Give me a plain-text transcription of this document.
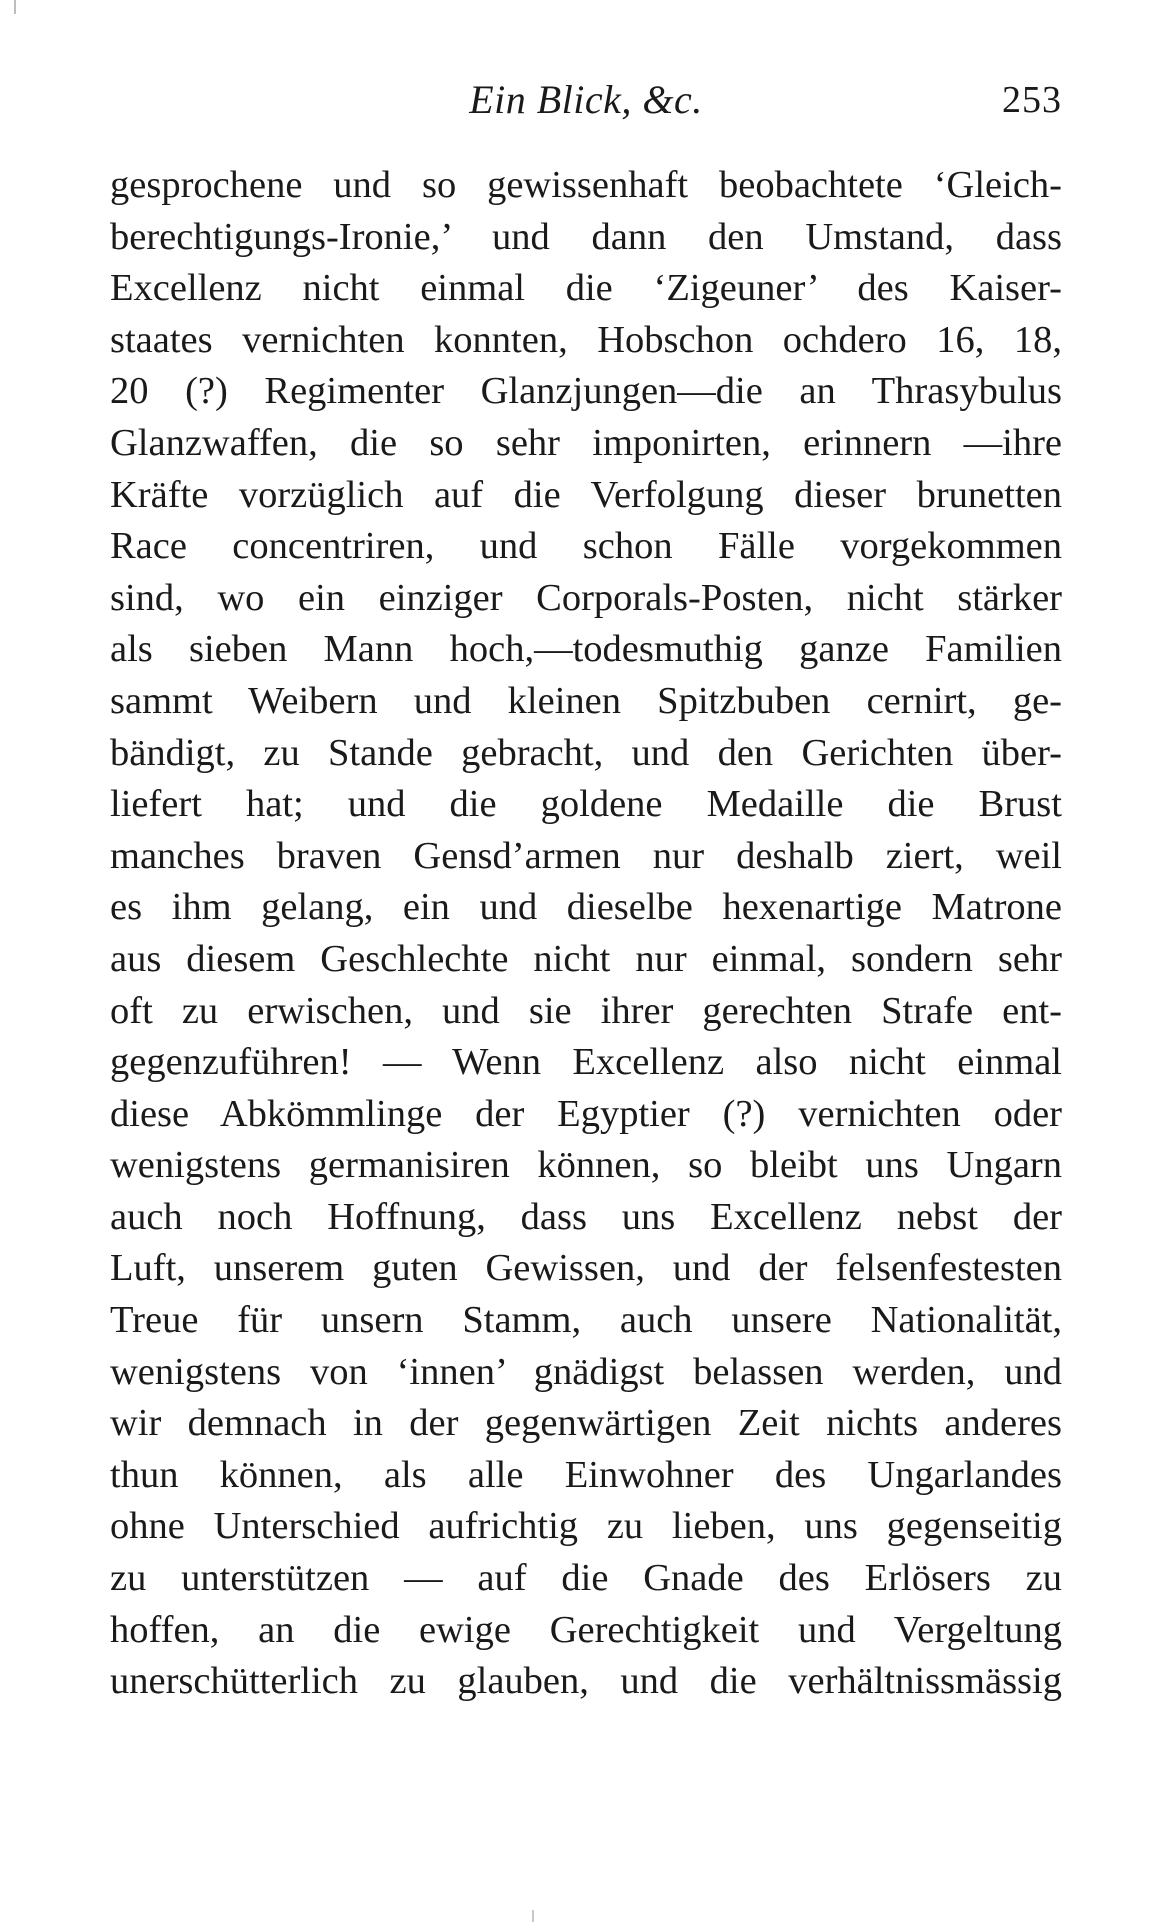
Ein Blick, &c.	253
gesprochene und so gewissenhaft beobachtete ‘Gleich-
berechtigungs-Ironie,’ und dann den Umstand, dass
Excellenz nicht einmal die ‘Zigeuner’ des Kaiser-
staates vernichten konnten, Hobschon ochdero 16, 18,
20 (?) Regimenter Glanzjungen—die an Thrasybulus
Glanzwaffen, die so sehr imponirten, erinnern —ihre
Kräfte vorzüglich auf die Verfolgung dieser brunetten
Race concentriren, und schon Fälle vorgekommen
sind, wo ein einziger Corporals-Posten, nicht stärker
als sieben Mann hoch,—todesmuthig ganze Familien
sammt Weibern und kleinen Spitzbuben cernirt, ge-
bändigt, zu Stande gebracht, und den Gerichten über-
liefert hat; und die goldene Medaille die Brust
manches braven Gensd’armen nur deshalb ziert, weil
es ihm gelang, ein und dieselbe hexenartige Matrone
aus diesem Geschlechte nicht nur einmal, sondern sehr
oft zu erwischen, und sie ihrer gerechten Strafe ent-
gegenzuführen! — Wenn Excellenz also nicht einmal
diese Abkömmlinge der Egyptier (?) vernichten oder
wenigstens germanisiren können, so bleibt uns Ungarn
auch noch Hoffnung, dass uns Excellenz nebst der
Luft, unserem guten Gewissen, und der felsenfestesten
Treue für unsern Stamm, auch unsere Nationalität,
wenigstens von ‘innen’ gnädigst belassen werden, und
wir demnach in der gegenwärtigen Zeit nichts anderes
thun können, als alle Einwohner des Ungarlandes
ohne Unterschied aufrichtig zu lieben, uns gegenseitig
zu unterstützen — auf die Gnade des Erlösers zu
hoffen, an die ewige Gerechtigkeit und Vergeltung
unerschütterlich zu glauben, und die verhältnissmässig
